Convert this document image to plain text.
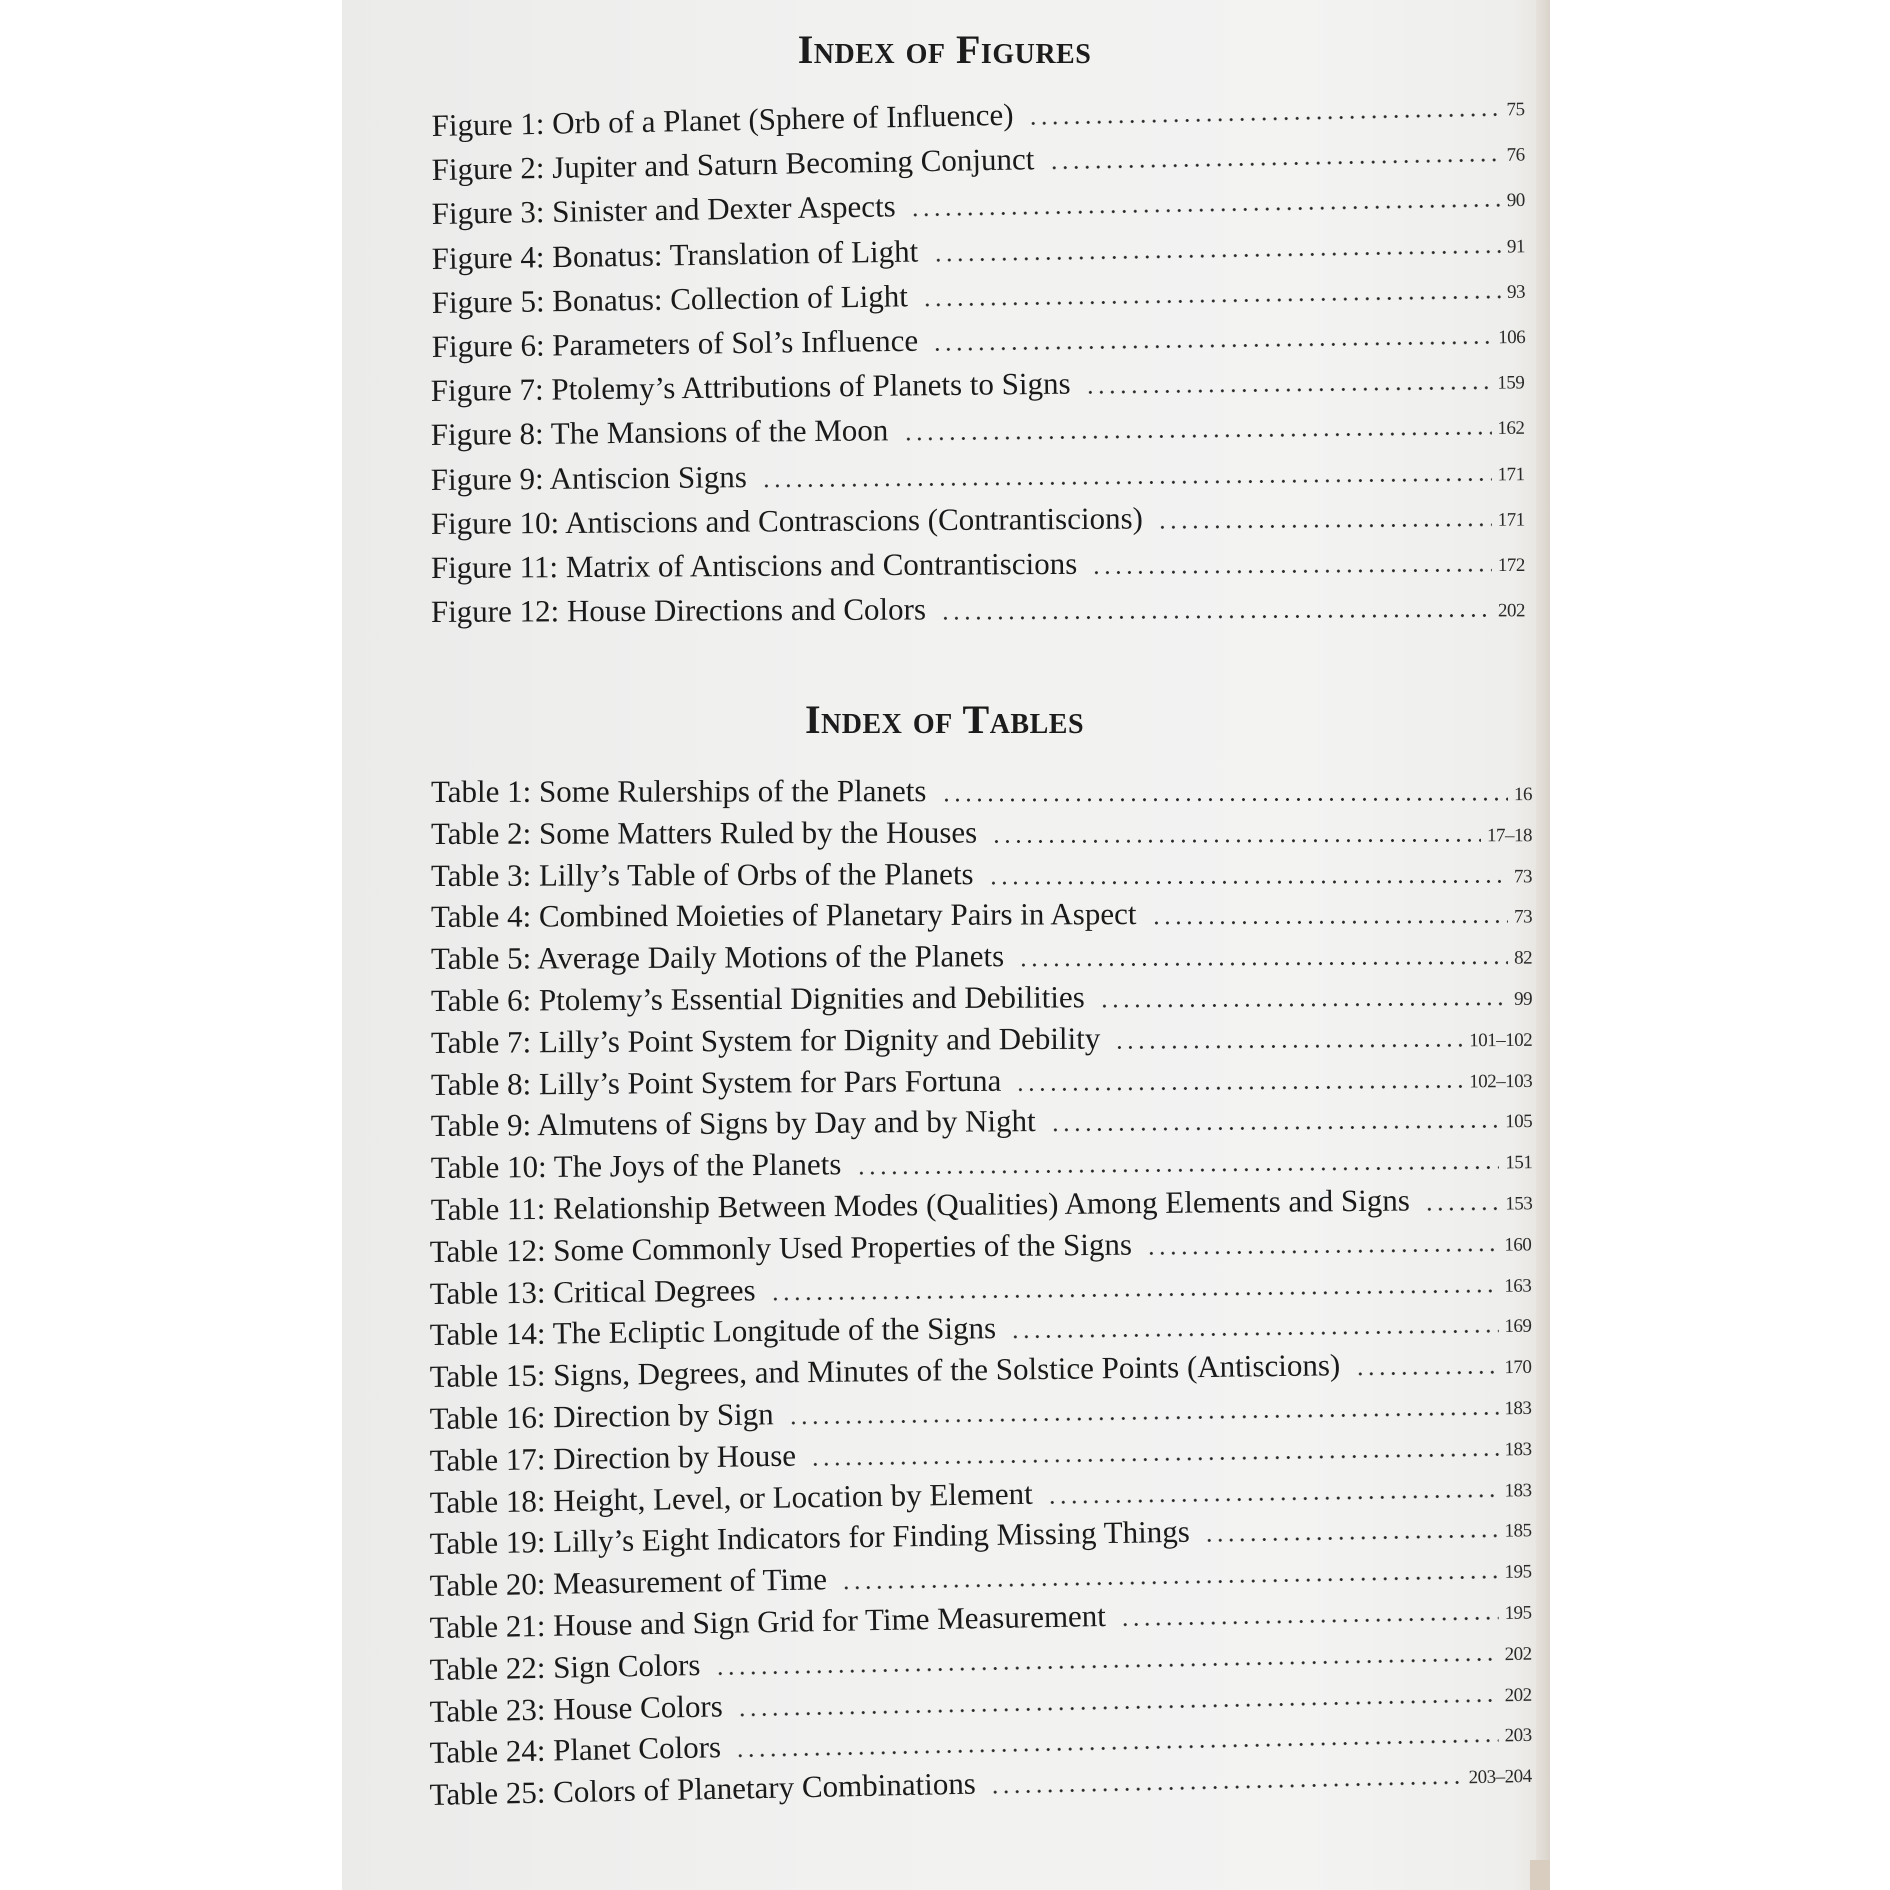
Index of Figures
Index of Tables
Figure 1: Orb of a Planet (Sphere of Influence)	75
Figure 2: Jupiter and Saturn Becoming Conjunct	76
Figure 3: Sinister and Dexter Aspects	90
Figure 4: Bonatus: Translation of Light	91
Figure 5: Bonatus: Collection of Light	93
Figure 6: Parameters of Sol’s Influence	106
Figure 7: Ptolemy’s Attributions of Planets to Signs	159
Figure 8: The Mansions of the Moon	162
Figure 9: Antiscion Signs	171
Figure 10: Antiscions and Contrascions (Contrantiscions)	171
Figure 11: Matrix of Antiscions and Contrantiscions	172
Figure 12: House Directions and Colors	202
Table 1: Some Rulerships of the Planets	16
Table 2: Some Matters Ruled by the Houses	17–18
Table 3: Lilly’s Table of Orbs of the Planets	73
Table 4: Combined Moieties of Planetary Pairs in Aspect	73
Table 5: Average Daily Motions of the Planets	82
Table 6: Ptolemy’s Essential Dignities and Debilities	99
Table 7: Lilly’s Point System for Dignity and Debility	101–102
Table 8: Lilly’s Point System for Pars Fortuna	102–103
Table 9: Almutens of Signs by Day and by Night	105
Table 10: The Joys of the Planets	151
Table 11: Relationship Between Modes (Qualities) Among Elements and Signs	153
Table 12: Some Commonly Used Properties of the Signs	160
Table 13: Critical Degrees	163
Table 14: The Ecliptic Longitude of the Signs	169
Table 15: Signs, Degrees, and Minutes of the Solstice Points (Antiscions)	170
Table 16: Direction by Sign	183
Table 17: Direction by House	183
Table 18: Height, Level, or Location by Element	183
Table 19: Lilly’s Eight Indicators for Finding Missing Things	185
Table 20: Measurement of Time	195
Table 21: House and Sign Grid for Time Measurement	195
Table 22: Sign Colors	202
Table 23: House Colors	202
Table 24: Planet Colors	203
Table 25: Colors of Planetary Combinations	203–204
